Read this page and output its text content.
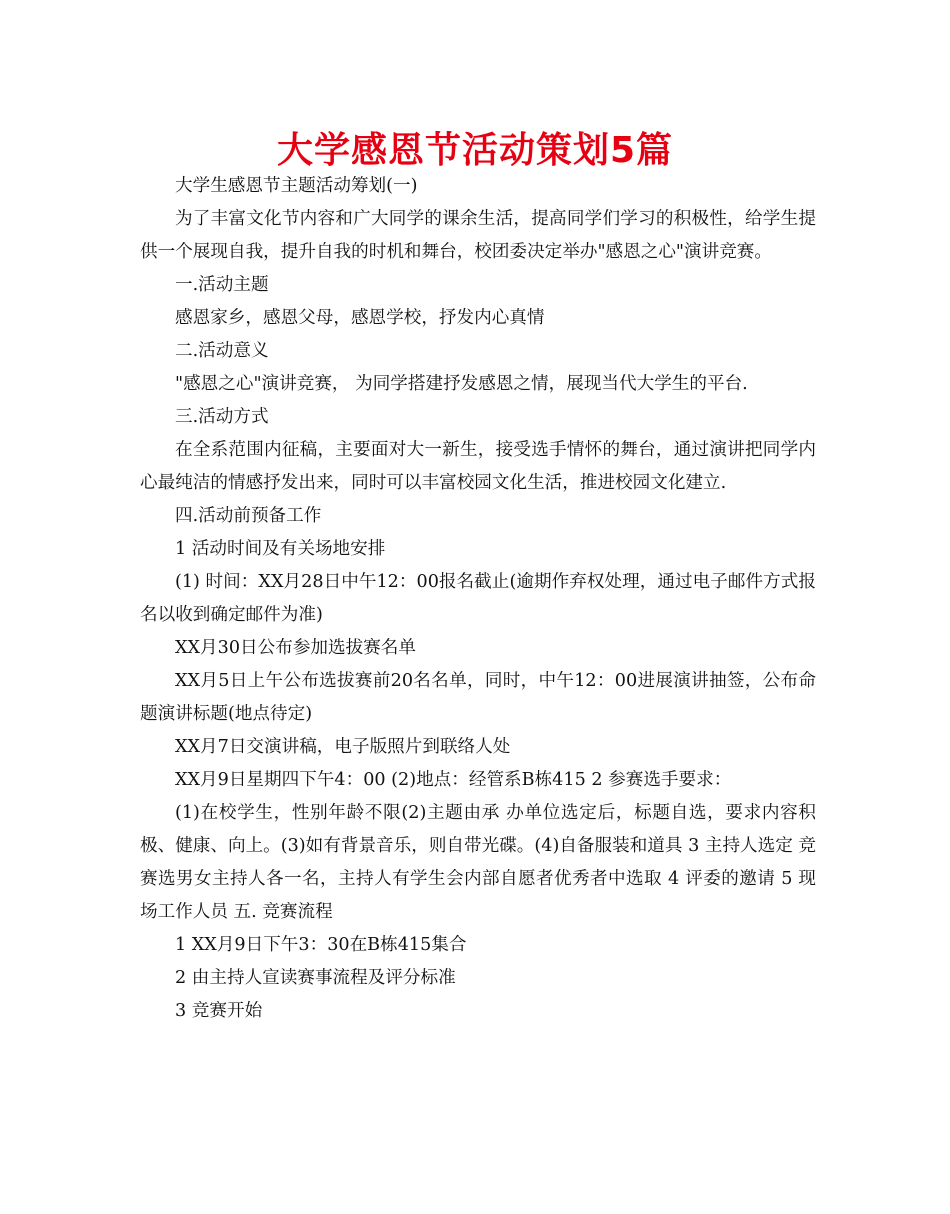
大学感恩节活动策划5篇

大学生感恩节主题活动筹划(一)

为了丰富文化节内容和广大同学的课余生活，提高同学们学习的积极性，给学生提供一个展现自我，提升自我的时机和舞台，校团委决定举办"感恩之心"演讲竞赛。

一.活动主题

感恩家乡，感恩父母，感恩学校，抒发内心真情

二.活动意义

"感恩之心"演讲竞赛， 为同学搭建抒发感恩之情，展现当代大学生的平台.

三.活动方式

在全系范围内征稿，主要面对大一新生，接受选手情怀的舞台，通过演讲把同学内心最纯洁的情感抒发出来，同时可以丰富校园文化生活，推进校园文化建立.

四.活动前预备工作

1 活动时间及有关场地安排

(1) 时间：XX月28日中午12：00报名截止(逾期作弃权处理，通过电子邮件方式报名以收到确定邮件为准)

XX月30日公布参加选拔赛名单

XX月5日上午公布选拔赛前20名名单，同时，中午12：00进展演讲抽签，公布命题演讲标题(地点待定)

XX月7日交演讲稿，电子版照片到联络人处

XX月9日星期四下午4：00 (2)地点：经管系B栋415 2 参赛选手要求：

(1)在校学生，性别年龄不限(2)主题由承 办单位选定后，标题自选，要求内容积极、健康、向上。(3)如有背景音乐，则自带光碟。(4)自备服装和道具 3 主持人选定 竞赛选男女主持人各一名，主持人有学生会内部自愿者优秀者中选取 4 评委的邀请 5 现场工作人员 五. 竞赛流程

1 XX月9日下午3：30在B栋415集合

2 由主持人宣读赛事流程及评分标准

3 竞赛开始
